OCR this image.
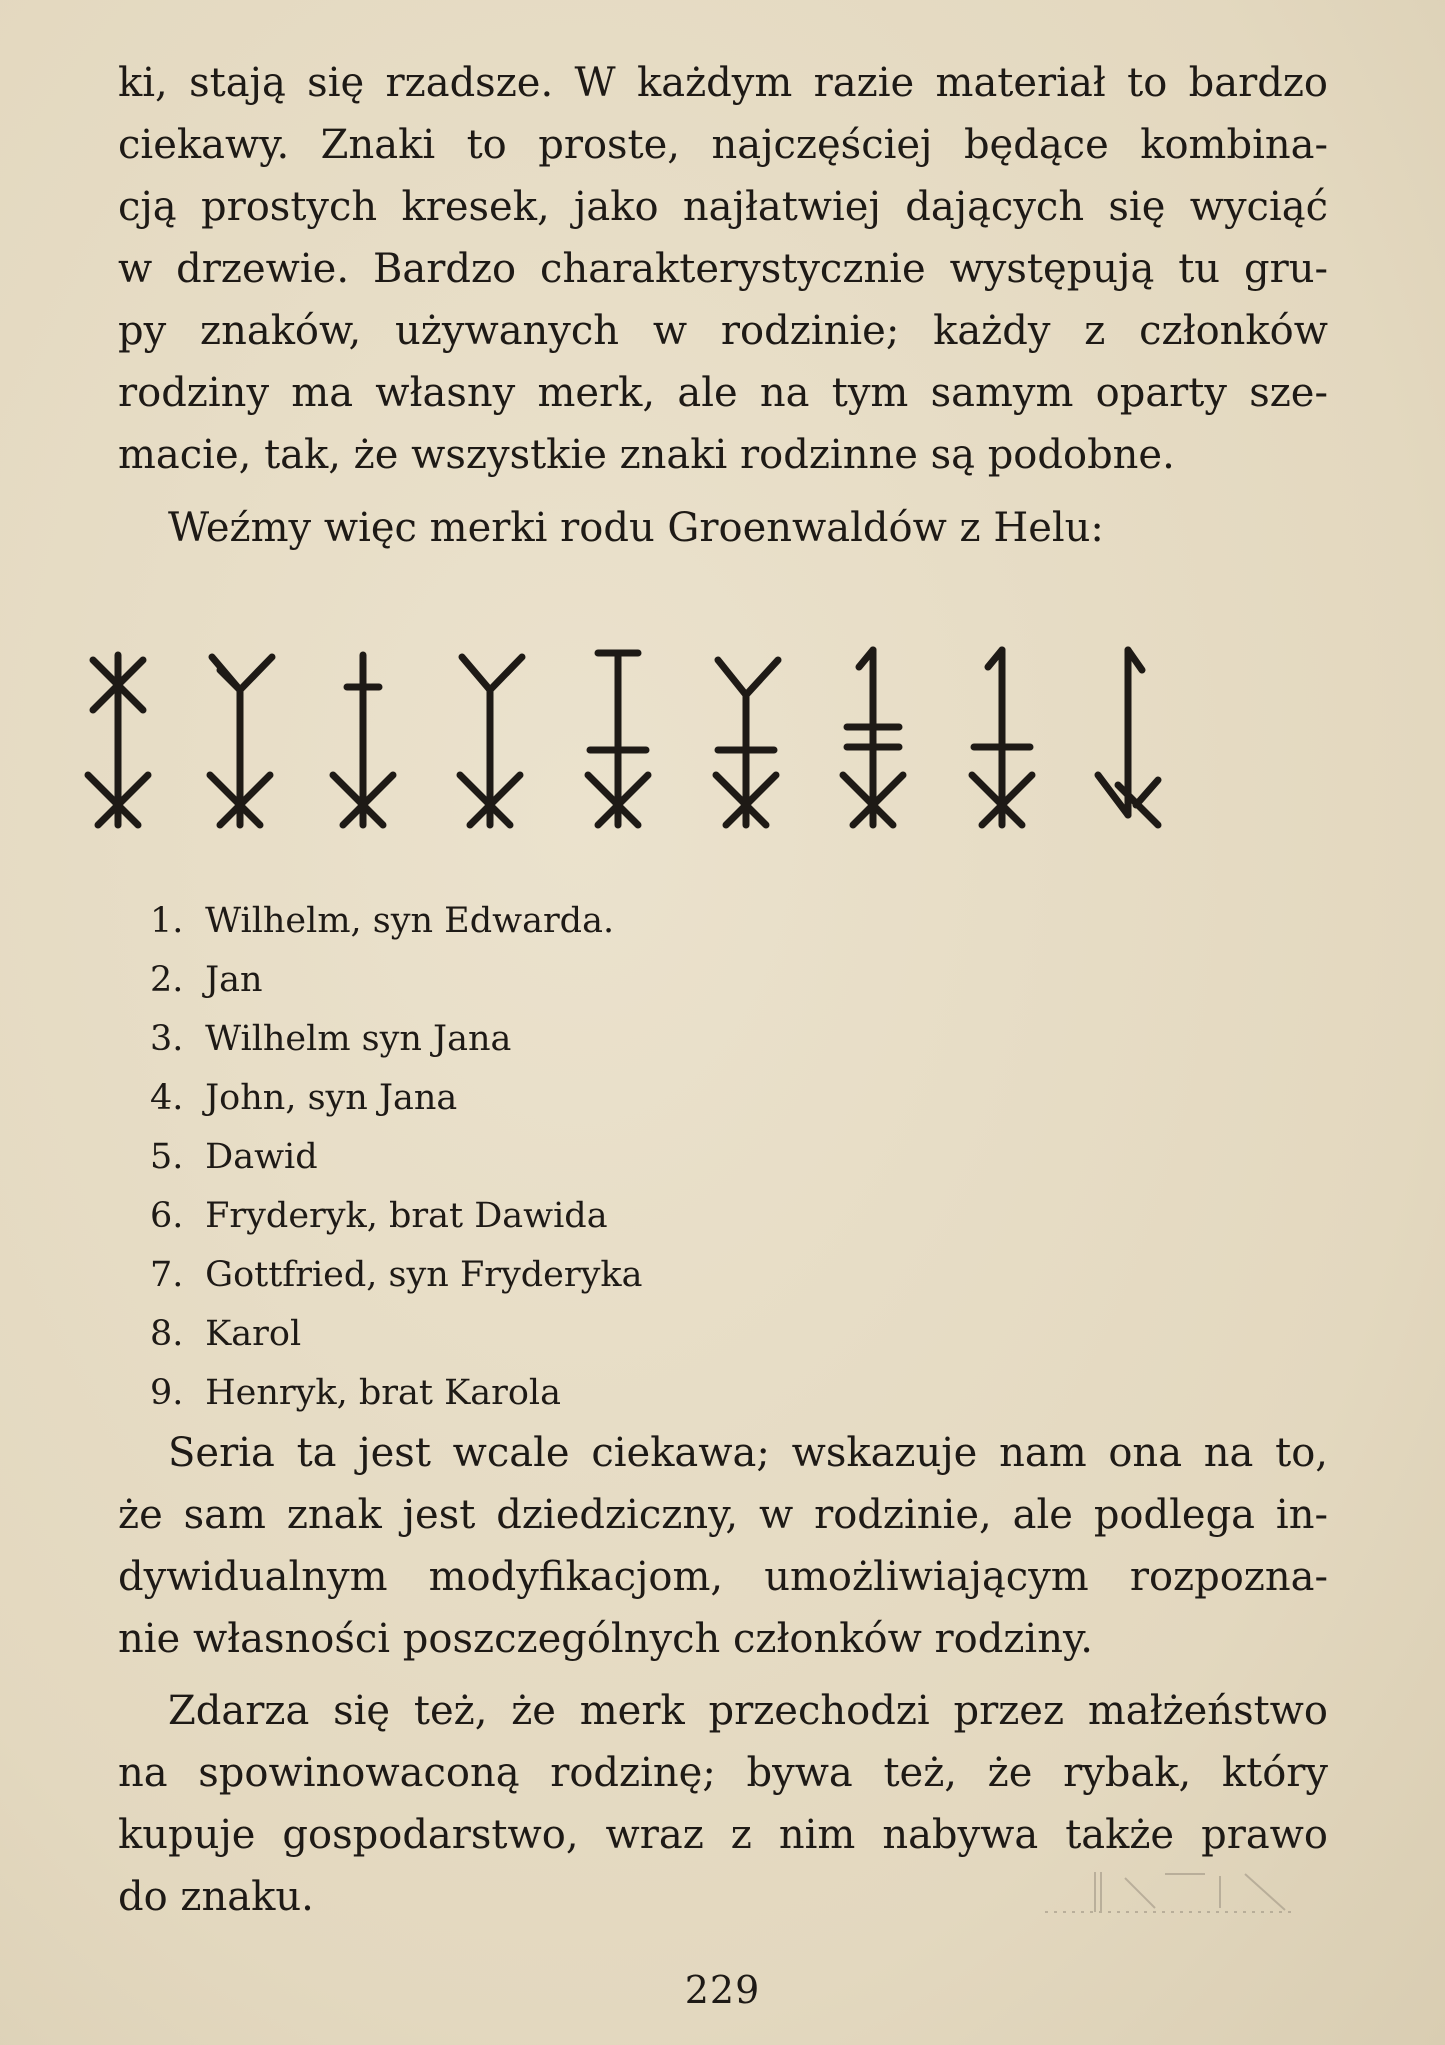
ki, stają się rzadsze. W każdym razie materiał to bardzo
ciekawy. Znaki to proste, najczęściej będące kombina-
cją prostych kresek, jako najłatwiej dających się wyciąć
w drzewie. Bardzo charakterystycznie występują tu gru-
py znaków, używanych w rodzinie; każdy z członków
rodziny ma własny merk, ale na tym samym oparty sze-
macie, tak, że wszystkie znaki rodzinne są podobne.

Weźmy więc merki rodu Groenwaldów z Helu:

1. Wilhelm, syn Edwarda.
2. Jan
3. Wilhelm syn Jana
4. John, syn Jana
5. Dawid
6. Fryderyk, brat Dawida
7. Gottfried, syn Fryderyka
8. Karol
9. Henryk, brat Karola

Seria ta jest wcale ciekawa; wskazuje nam ona na to,
że sam znak jest dziedziczny, w rodzinie, ale podlega in-
dywidualnym modyfikacjom, umożliwiającym rozpozna-
nie własności poszczególnych członków rodziny.

Zdarza się też, że merk przechodzi przez małżeństwo
na spowinowaconą rodzinę; bywa też, że rybak, który
kupuje gospodarstwo, wraz z nim nabywa także prawo
do znaku.

229
